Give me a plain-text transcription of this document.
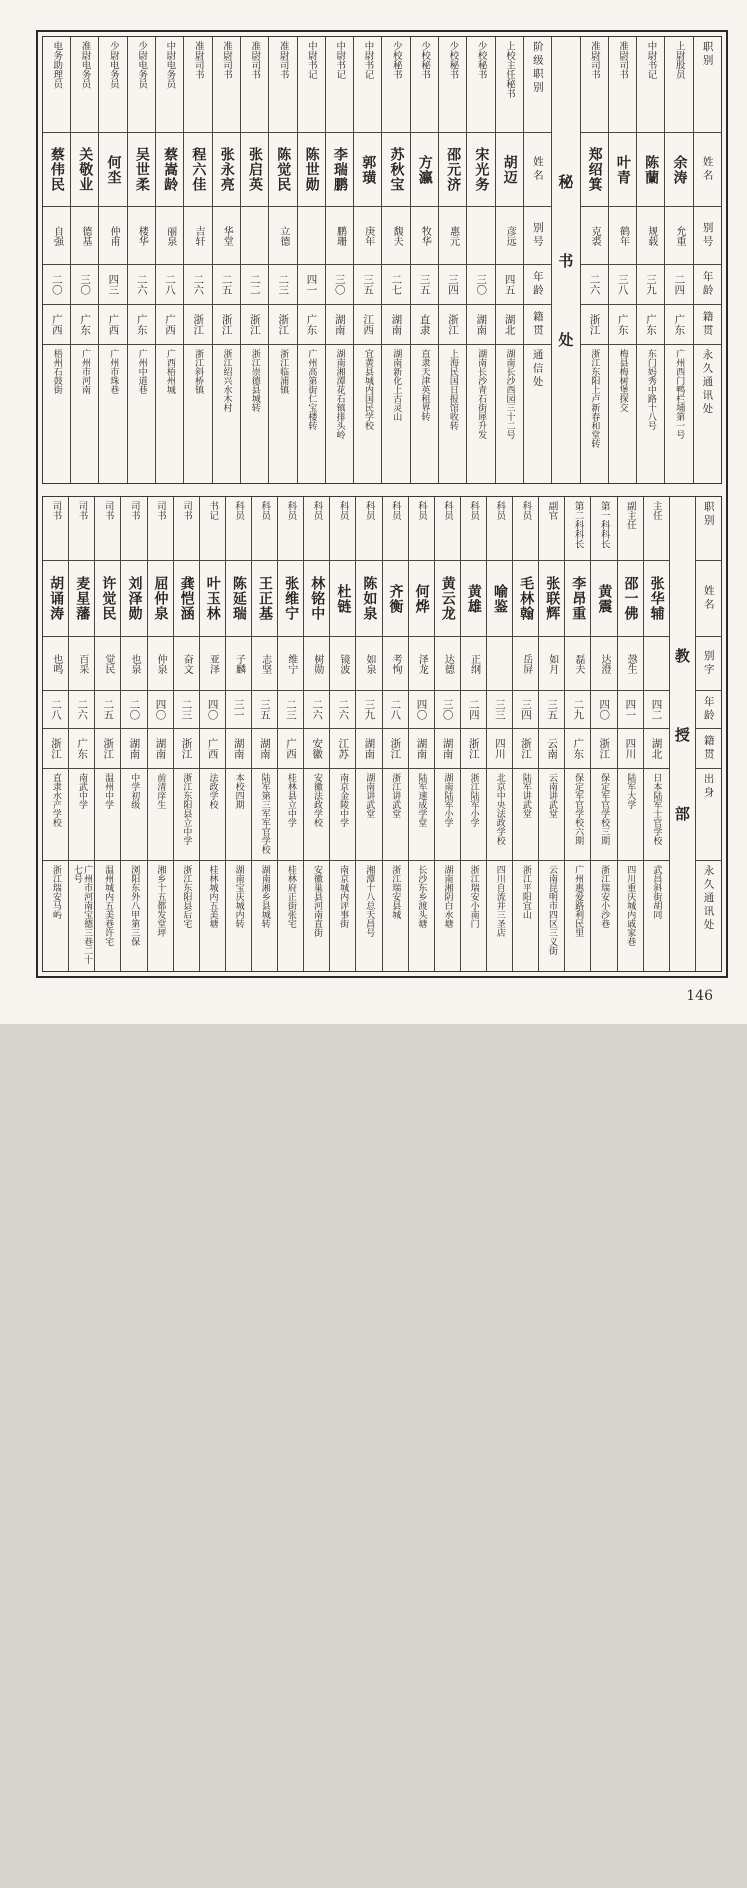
职别
姓名
别号
年龄
籍贯
永久通讯处
上尉股员
余涛
允重
二四
广东
广州西门鸭栏埔第一号
中尉书记
陈蘭
规载
三九
广东
东门妈秀中路十八号
准尉司书
叶青
鹤年
三八
广东
梅县梅树堡探交
准尉司书
郑绍箕
克裘
二六
浙江
浙江东阳上卢新春和堂转
秘
书
处
阶级职别
姓名
别号
年龄
籍贯
通信处
上校主任秘书
胡迈
彦远
四五
湖北
湖南长沙西园三十二号
少校秘书
宋光务
三〇
湖南
湖南长沙青石街犀升发
少校秘书
邵元济
惠元
三四
浙江
上海民国日报馆收转
少校秘书
方瀛
牧华
三五
直隶
直隶天津英租界转
少校秘书
苏秋宝
馥夫
二七
湖南
湖南新化上古灵山
中尉书记
郭璜
庚年
三五
江西
宜黄县城内国民学校
中尉书记
李瑞鹏
鹏珊
三〇
湖南
湖南湘潭花石镇排头岭
中尉书记
陈世勋
四一
广东
广州高第街仁宝楼转
准尉司书
陈觉民
立德
二三
浙江
浙江临浦镇
准尉司书
张启英
二二
浙江
浙江崇德县城转
准尉司书
张永亮
华堂
二五
浙江
浙江绍兴水木村
准尉司书
程六佳
吉轩
二六
浙江
浙江斜桥镇
中尉电务员
蔡嵩龄
丽泉
二八
广西
广西梧州城
少尉电务员
吴世柔
楼华
二六
广东
广州中道巷
少尉电务员
何坔
仲甫
四三
广西
广州市珠巷
准尉电务员
关敬业
德基
三〇
广东
广州市河南
电务助理员
蔡伟民
自强
二〇
广西
梧州石鼓街
职别
姓名
别字
年龄
籍贯
出身
永久通讯处
教
授
部
主任
张华辅
四二
湖北
日本陆军士官学校
武昌斜街胡同
副主任
邵一佛
愨生
四一
四川
陆军大学
四川重庆城内戚家巷
第一科科长
黄震
达澄
四〇
浙江
保定军官学校三期
浙江瑞安小沙巷
第二科科长
李昂重
磊夫
二九
广东
保定军官学校六期
广州惠爱路利民里
副官
张联辉
如月
三五
云南
云南讲武堂
云南昆明市四区三义街
科员
毛林翰
岳屏
三四
浙江
陆军讲武堂
浙江平阳宜山
科员
喻鉴
三三
四川
北京中央法政学校
四川自流井三圣店
科员
黄雄
正纲
二四
浙江
浙江陆军小学
浙江瑞安小南门
科员
黄云龙
达德
三〇
湖南
湖南陆军小学
湖南湘阴白水塘
科员
何烨
泽龙
四〇
湖南
陆军速成学堂
长沙东乡渡头塘
科员
齐衡
考恂
二八
浙江
浙江讲武堂
浙江瑞安县城
科员
陈如泉
如泉
三九
湖南
湖南讲武堂
湘潭十八总天昌号
科员
杜链
镜波
二六
江苏
南京金陵中学
南京城内评事街
科员
林铭中
树勋
二六
安徽
安徽法政学校
安徽巢县河南直街
科员
张维宁
维宁
二三
广西
桂林县立中学
桂林府正街张宅
科员
王正基
志坚
三五
湖南
陆军第三军军官学校
湖南湘乡县城转
科员
陈延瑞
子麟
三一
湖南
本校四期
湖南宝庆城内转
书记
叶玉林
亚泽
四〇
广西
法政学校
桂林城内五美塘
司书
龚恺涵
奋文
二三
浙江
浙江东阳县立中学
浙江东阳县后宅
司书
屈仲泉
仲泉
四〇
湖南
前清庠生
湘乡十五都发堂坪
司书
刘泽勋
也泉
二〇
湖南
中学初级
浏阳东外八甲第三保
司书
许觉民
觉民
二五
浙江
温州中学
温州城内五美巷许宅
司书
麦星藩
百采
二六
广东
南武中学
广州市河南宝德三巷二十七号
司书
胡诵涛
也鸣
二八
浙江
直隶水产学校
浙江瑞安马屿
146
